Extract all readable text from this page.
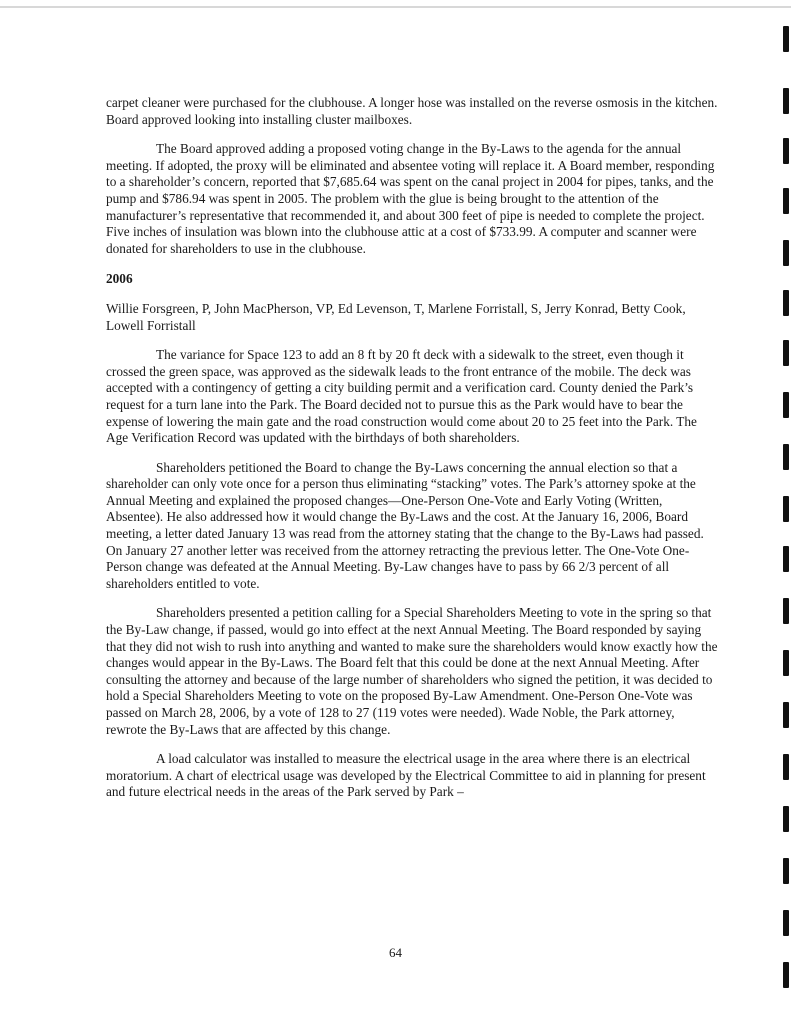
carpet cleaner were purchased for the clubhouse. A longer hose was installed on the reverse osmosis in the kitchen. Board approved looking into installing cluster mailboxes.

The Board approved adding a proposed voting change in the By-Laws to the agenda for the annual meeting. If adopted, the proxy will be eliminated and absentee voting will replace it. A Board member, responding to a shareholder’s concern, reported that $7,685.64 was spent on the canal project in 2004 for pipes, tanks, and the pump and $786.94 was spent in 2005. The problem with the glue is being brought to the attention of the manufacturer’s representative that recommended it, and about 300 feet of pipe is needed to complete the project. Five inches of insulation was blown into the clubhouse attic at a cost of $733.99. A computer and scanner were donated for shareholders to use in the clubhouse.

2006

Willie Forsgreen, P, John MacPherson, VP, Ed Levenson, T, Marlene Forristall, S, Jerry Konrad, Betty Cook, Lowell Forristall

The variance for Space 123 to add an 8 ft by 20 ft deck with a sidewalk to the street, even though it crossed the green space, was approved as the sidewalk leads to the front entrance of the mobile. The deck was accepted with a contingency of getting a city building permit and a verification card. County denied the Park’s request for a turn lane into the Park. The Board decided not to pursue this as the Park would have to bear the expense of lowering the main gate and the road construction would come about 20 to 25 feet into the Park. The Age Verification Record was updated with the birthdays of both shareholders.

Shareholders petitioned the Board to change the By-Laws concerning the annual election so that a shareholder can only vote once for a person thus eliminating “stacking” votes. The Park’s attorney spoke at the Annual Meeting and explained the proposed changes—One-Person One-Vote and Early Voting (Written, Absentee). He also addressed how it would change the By-Laws and the cost. At the January 16, 2006, Board meeting, a letter dated January 13 was read from the attorney stating that the change to the By-Laws had passed. On January 27 another letter was received from the attorney retracting the previous letter. The One-Vote One-Person change was defeated at the Annual Meeting. By-Law changes have to pass by 66 2/3 percent of all shareholders entitled to vote.

Shareholders presented a petition calling for a Special Shareholders Meeting to vote in the spring so that the By-Law change, if passed, would go into effect at the next Annual Meeting. The Board responded by saying that they did not wish to rush into anything and wanted to make sure the shareholders would know exactly how the changes would appear in the By-Laws. The Board felt that this could be done at the next Annual Meeting. After consulting the attorney and because of the large number of shareholders who signed the petition, it was decided to hold a Special Shareholders Meeting to vote on the proposed By-Law Amendment. One-Person One-Vote was passed on March 28, 2006, by a vote of 128 to 27 (119 votes were needed). Wade Noble, the Park attorney, rewrote the By-Laws that are affected by this change.

A load calculator was installed to measure the electrical usage in the area where there is an electrical moratorium. A chart of electrical usage was developed by the Electrical Committee to aid in planning for present and future electrical needs in the areas of the Park served by Park –

64
